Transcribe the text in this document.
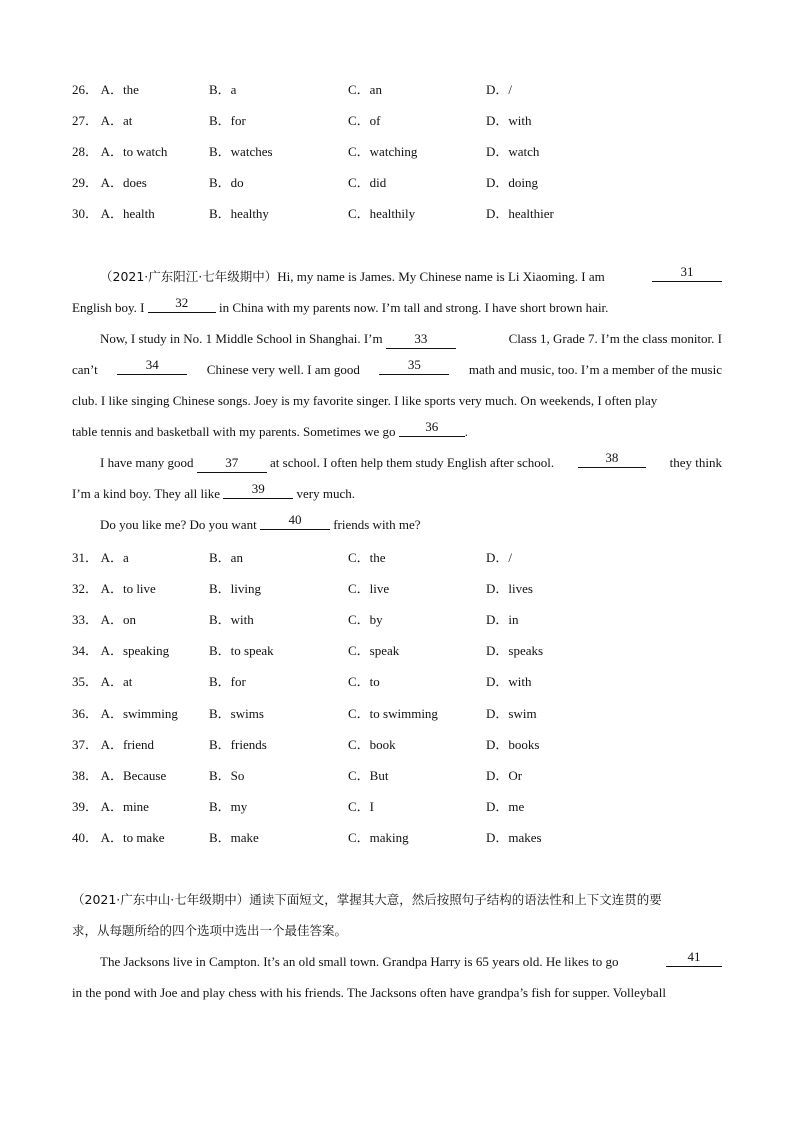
26． A．the	B．a	C．an	D．/
27． A．at	B．for	C．of	D．with
28． A．to watch	B．watches	C．watching	D．watch
29． A．does	B．do	C．did	D．doing
30． A．health	B．healthy	C．healthily	D．healthier
（2021·广东阳江·七年级期中）Hi, my name is James. My Chinese name is Li Xiaoming. I am	31
English boy. I
	32
	in China with my parents now. I’m tall and strong. I have short brown hair.
Now, I study in No. 1 Middle School in Shanghai. I’m 33	Class 1, Grade 7. I’m the class monitor. I
can’t	34	Chinese very well. I am good	35	math and music, too. I’m a member of the music
club. I like singing Chinese songs. Joey is my favorite singer. I like sports very much. On weekends, I often play
table tennis and basketball with my parents. Sometimes we go
	36	.
I have many good 37 at school. I often help them study English after school.	38	they think
I’m a kind boy. They all like
	39
	very much.
Do you like me? Do you want
	40
	friends with me?
31． A．a	B．an	C．the	D．/
32． A．to live	B．living	C．live	D．lives
33． A．on	B．with	C．by	D．in
34． A．speaking	B．to speak	C．speak	D．speaks
35． A．at	B．for	C．to	D．with
36． A．swimming B．swims	C．to swimming	D．swim
37． A．friend	B．friends	C．book	D．books
38． A．Because	B．So	C．But	D．Or
39． A．mine	B．my	C．I	D．me
40． A．to make	B．make	C．making	D．makes
（2021·广东中山·七年级期中）通读下面短文，掌握其大意，然后按照句子结构的语法性和上下文连贯的要
求，从每题所给的四个选项中选出一个最佳答案。
The Jacksons live in Campton. It’s an old small town. Grandpa Harry is 65 years old. He likes to go	41
in the pond with Joe and play chess with his friends. The Jacksons often have grandpa’s fish for supper. Volleyball
